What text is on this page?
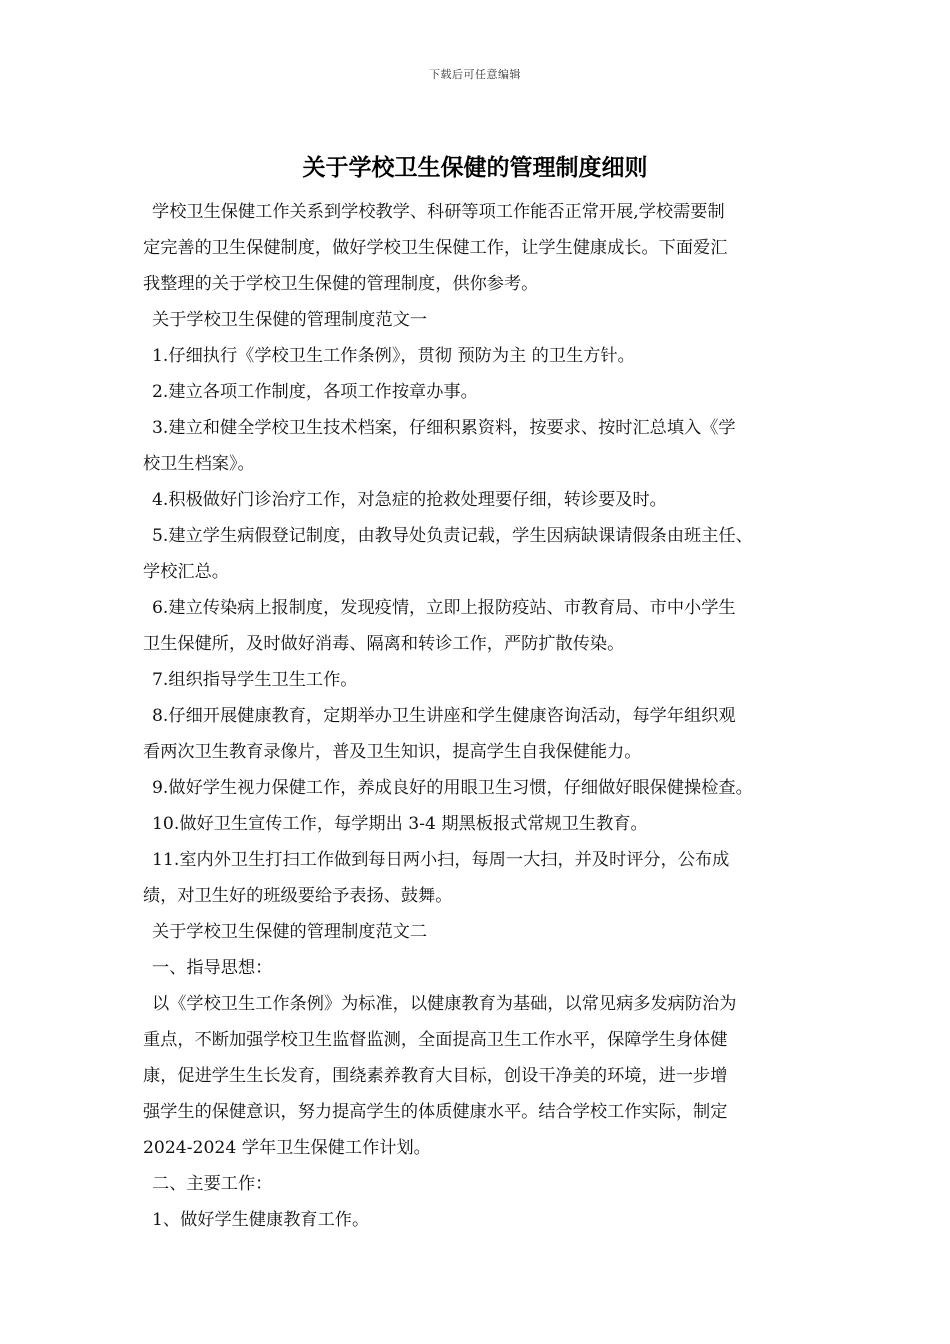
下载后可任意编辑
关于学校卫生保健的管理制度细则

学校卫生保健工作关系到学校教学、科研等项工作能否正常开展,学校需要制

定完善的卫生保健制度，做好学校卫生保健工作，让学生健康成长。下面爱汇

我整理的关于学校卫生保健的管理制度，供你参考。

关于学校卫生保健的管理制度范文一

1.仔细执行《学校卫生工作条例》，贯彻 预防为主 的卫生方针。

2.建立各项工作制度，各项工作按章办事。

3.建立和健全学校卫生技术档案，仔细积累资料，按要求、按时汇总填入《学

校卫生档案》。

4.积极做好门诊治疗工作，对急症的抢救处理要仔细，转诊要及时。

5.建立学生病假登记制度，由教导处负责记载，学生因病缺课请假条由班主任、

学校汇总。

6.建立传染病上报制度，发现疫情，立即上报防疫站、市教育局、市中小学生

卫生保健所，及时做好消毒、隔离和转诊工作，严防扩散传染。

7.组织指导学生卫生工作。

8.仔细开展健康教育，定期举办卫生讲座和学生健康咨询活动，每学年组织观

看两次卫生教育录像片，普及卫生知识，提高学生自我保健能力。

9.做好学生视力保健工作，养成良好的用眼卫生习惯，仔细做好眼保健操检查。

10.做好卫生宣传工作，每学期出 3-4 期黑板报式常规卫生教育。

11.室内外卫生打扫工作做到每日两小扫，每周一大扫，并及时评分，公布成

绩，对卫生好的班级要给予表扬、鼓舞。

关于学校卫生保健的管理制度范文二

一、指导思想：

以《学校卫生工作条例》为标准，以健康教育为基础，以常见病多发病防治为

重点，不断加强学校卫生监督监测，全面提高卫生工作水平，保障学生身体健

康，促进学生生长发育，围绕素养教育大目标，创设干净美的环境，进一步增

强学生的保健意识，努力提高学生的体质健康水平。结合学校工作实际，制定

2024-2024 学年卫生保健工作计划。

二、主要工作：

1、做好学生健康教育工作。
